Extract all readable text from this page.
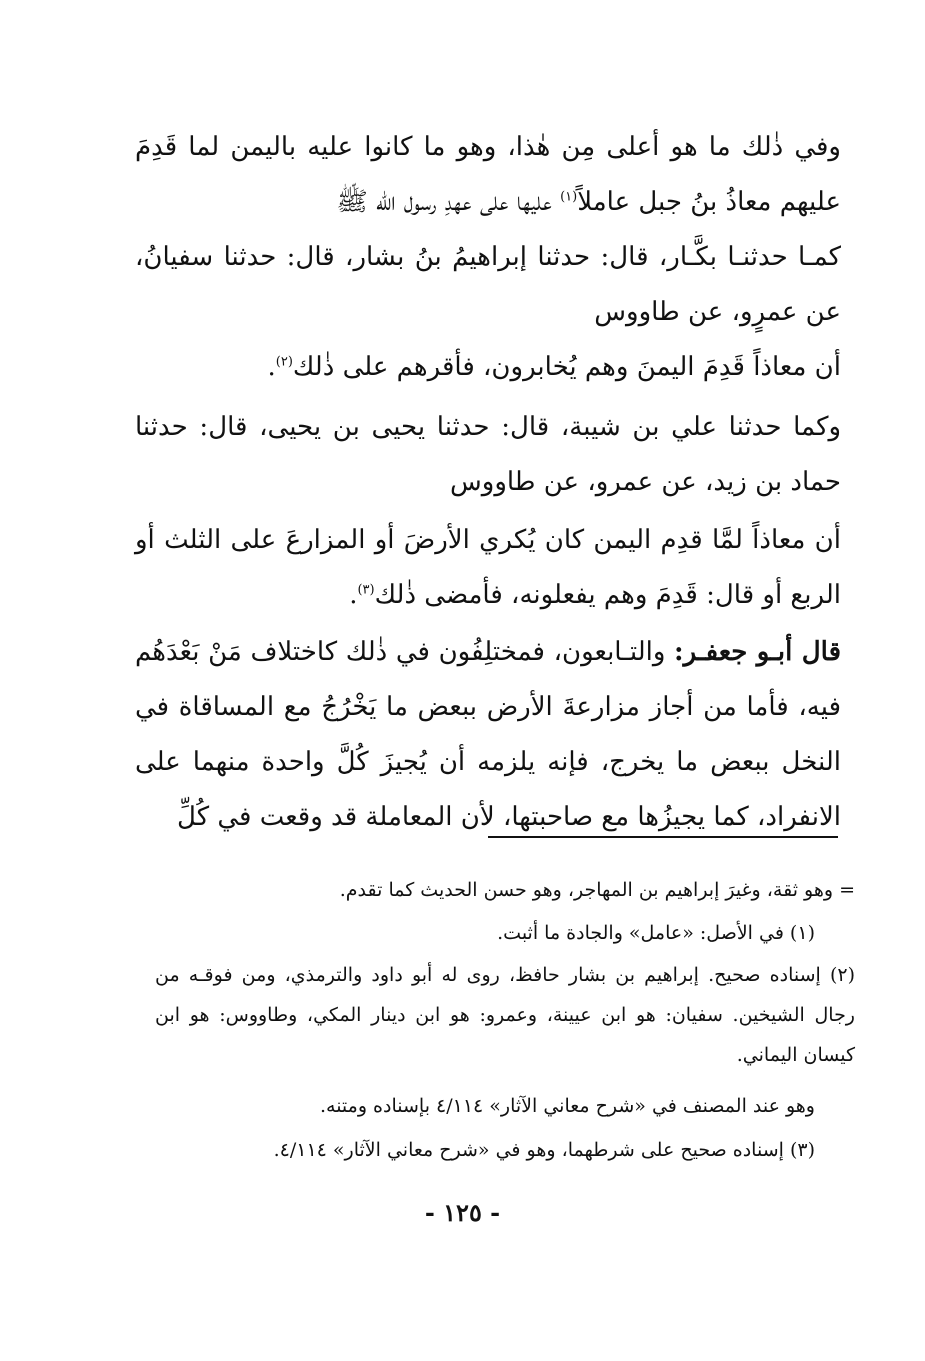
وفي ذٰلك ما هو أعلى مِن هٰذا، وهو ما كانوا عليه باليمن لما قَدِمَ عليهم معاذُ بنُ جبل عاملاً$^{(١)}$ عليها على عهدِ رسول الله ﷺ

كمـا حدثنـا بكَّـار، قال: حدثنا إبراهيمُ بنُ بشار، قال: حدثنا سفيانُ، عن عمرٍو، عن طاووس

أن معاذاً قَدِمَ اليمنَ وهم يُخابرون، فأقرهم على ذٰلك$^{(٢)}$.

وكما حدثنا علي بن شيبة، قال: حدثنا يحيى بن يحيى، قال: حدثنا حماد بن زيد، عن عمرو، عن طاووس

أن معاذاً لمَّا قدِم اليمن كان يُكري الأرضَ أو المزارعَ على الثلث أو الربع أو قال: قَدِمَ وهم يفعلونه، فأمضى ذٰلك$^{(٣)}$.

قال أبـو جعفـر: والتـابعون، فمختلِفُون في ذٰلك كاختلاف مَنْ بَعْدَهُم فيه، فأما من أجاز مزارعةَ الأرض ببعض ما يَخْرُجُ مع المساقاة في النخل ببعض ما يخرج، فإنه يلزمه أن يُجيزَ كُلَّ واحدة منهما على الانفراد، كما يجيزُها مع صاحبتها، لأن المعاملة قد وقعت في كُلِّ

= وهو ثقة، وغيرَ إبراهيم بن المهاجر، وهو حسن الحديث كما تقدم.

(١) في الأصل: «عامل» والجادة ما أثبت.

(٢) إسناده صحيح. إبراهيم بن بشار حافظ، روى له أبو داود والترمذي، ومن فوقـه من رجال الشيخين. سفيان: هو ابن عيينة، وعمرو: هو ابن دينار المكي، وطاووس: هو ابن كيسان اليماني.

وهو عند المصنف في «شرح معاني الآثار» ٤/١١٤ بإسناده ومتنه.

(٣) إسناده صحيح على شرطهما، وهو في «شرح معاني الآثار» ٤/١١٤.

- ١٢٥ -
